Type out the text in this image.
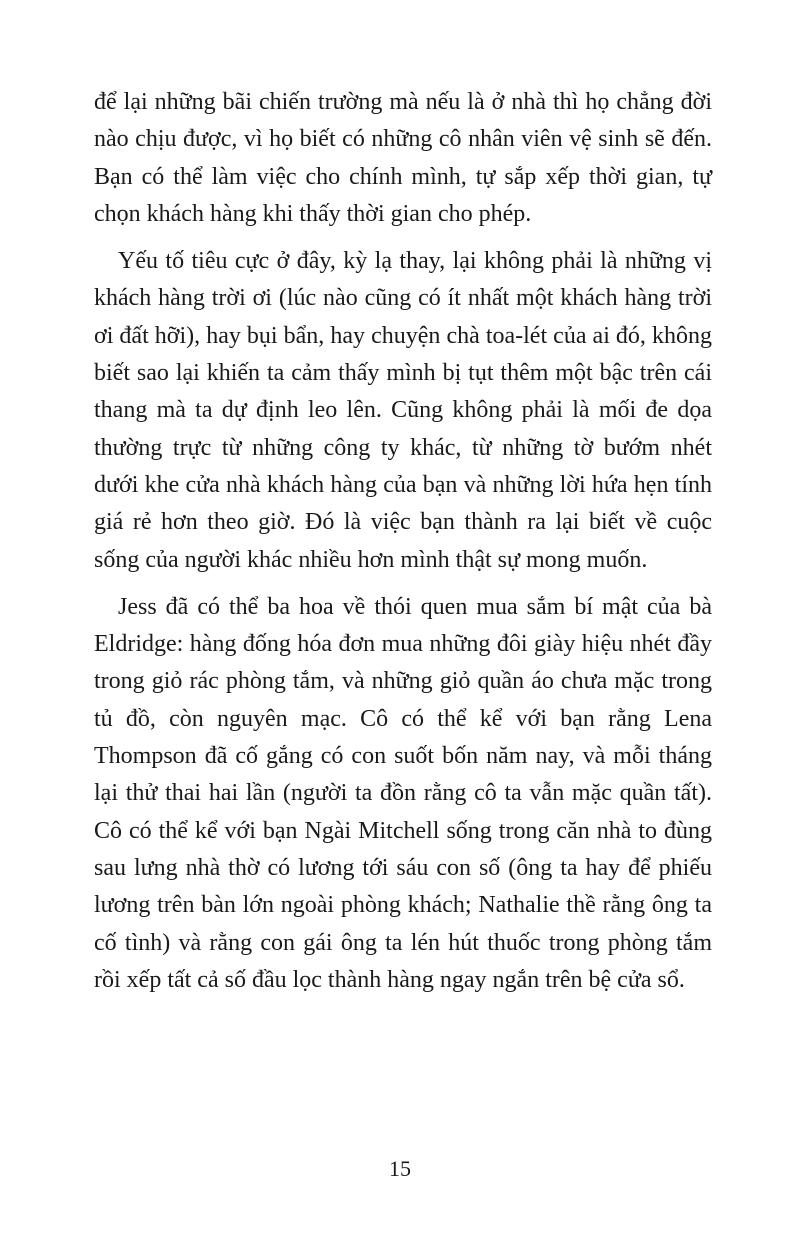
để lại những bãi chiến trường mà nếu là ở nhà thì họ chẳng đời nào chịu được, vì họ biết có những cô nhân viên vệ sinh sẽ đến. Bạn có thể làm việc cho chính mình, tự sắp xếp thời gian, tự chọn khách hàng khi thấy thời gian cho phép.

Yếu tố tiêu cực ở đây, kỳ lạ thay, lại không phải là những vị khách hàng trời ơi (lúc nào cũng có ít nhất một khách hàng trời ơi đất hỡi), hay bụi bẩn, hay chuyện chà toa-lét của ai đó, không biết sao lại khiến ta cảm thấy mình bị tụt thêm một bậc trên cái thang mà ta dự định leo lên. Cũng không phải là mối đe dọa thường trực từ những công ty khác, từ những tờ bướm nhét dưới khe cửa nhà khách hàng của bạn và những lời hứa hẹn tính giá rẻ hơn theo giờ. Đó là việc bạn thành ra lại biết về cuộc sống của người khác nhiều hơn mình thật sự mong muốn.

Jess đã có thể ba hoa về thói quen mua sắm bí mật của bà Eldridge: hàng đống hóa đơn mua những đôi giày hiệu nhét đầy trong giỏ rác phòng tắm, và những giỏ quần áo chưa mặc trong tủ đồ, còn nguyên mạc. Cô có thể kể với bạn rằng Lena Thompson đã cố gắng có con suốt bốn năm nay, và mỗi tháng lại thử thai hai lần (người ta đồn rằng cô ta vẫn mặc quần tất). Cô có thể kể với bạn Ngài Mitchell sống trong căn nhà to đùng sau lưng nhà thờ có lương tới sáu con số (ông ta hay để phiếu lương trên bàn lớn ngoài phòng khách; Nathalie thề rằng ông ta cố tình) và rằng con gái ông ta lén hút thuốc trong phòng tắm rồi xếp tất cả số đầu lọc thành hàng ngay ngắn trên bệ cửa sổ.

15
